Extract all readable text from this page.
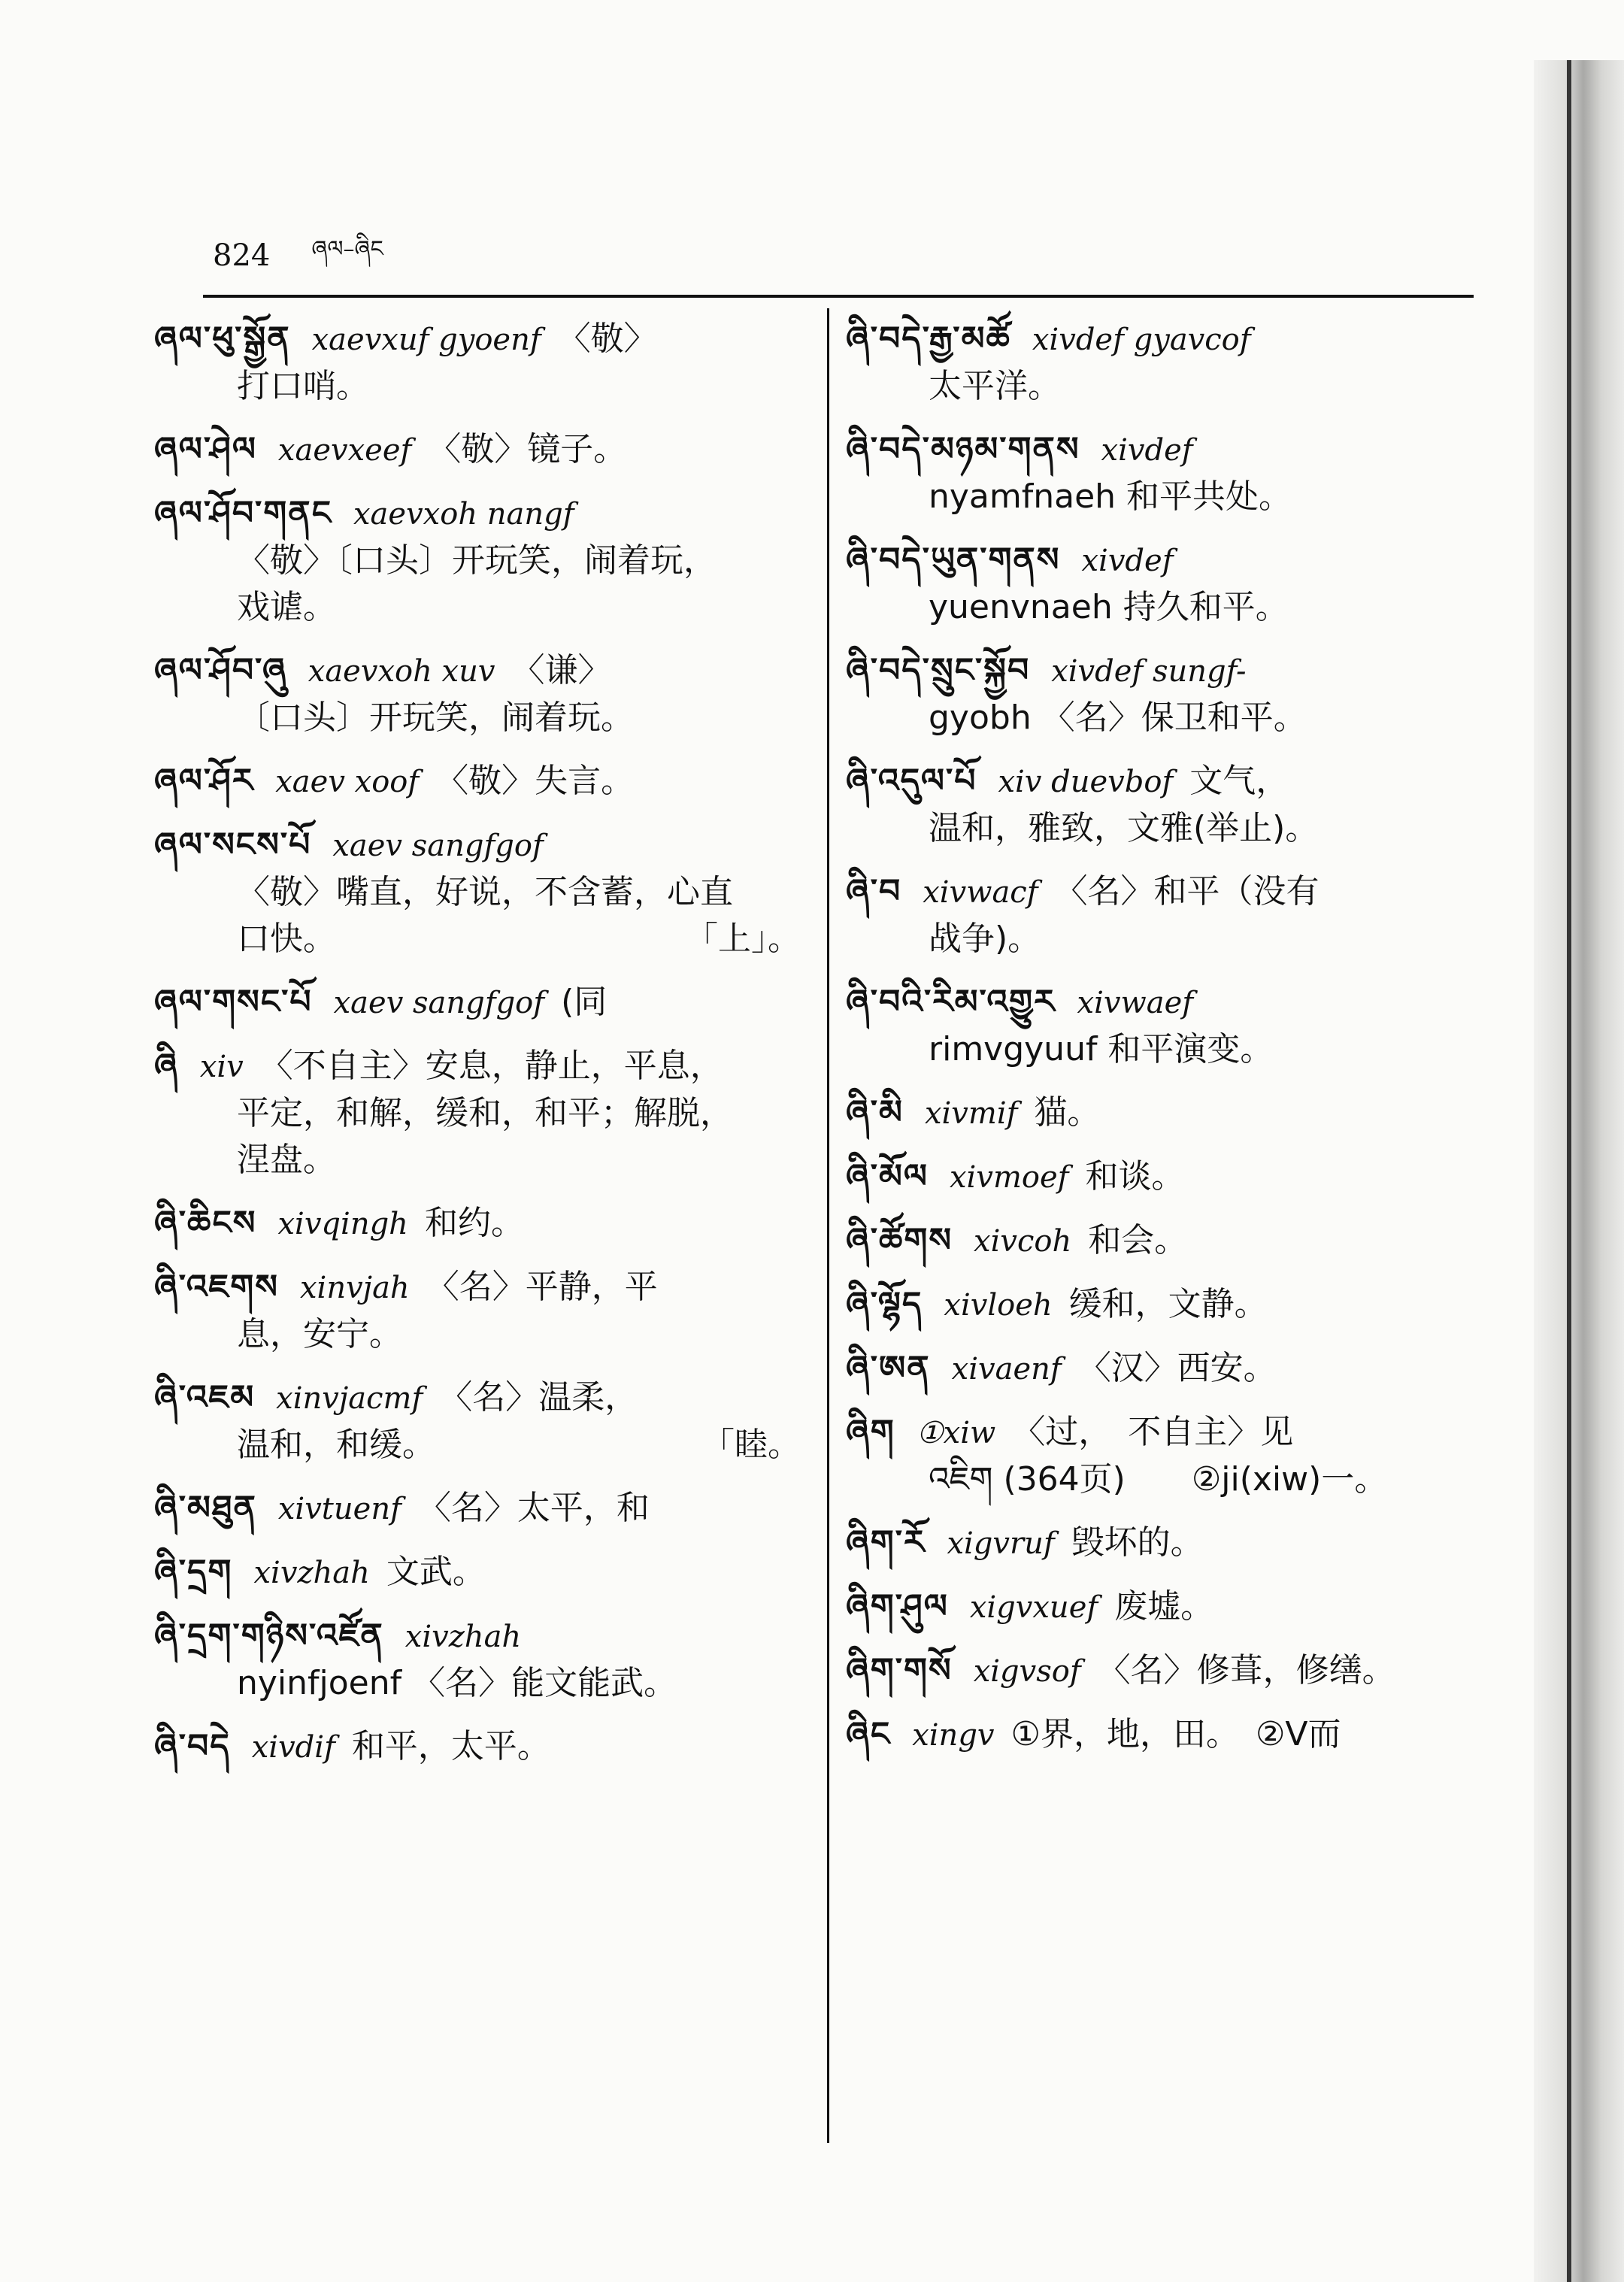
824 ཞལ–ཞིང
ཞལ་ཕུ་སྒྱོན xaevxuf gyoenf 〈敬〉
打口哨。
ཞལ་ཤེལ xaevxeef 〈敬〉镜子。
ཞལ་ཤོབ་གནང xaevxoh nangf
〈敬〉〔口头〕开玩笑，闹着玩，
戏谑。
ཞལ་ཤོབ་ཞུ xaevxoh xuv 〈谦〉
〔口头〕开玩笑，闹着玩。
ཞལ་ཤོར xaev xoof 〈敬〉失言。
ཞལ་སངས་པོ xaev sangfgof
〈敬〉嘴直，好说，不含蓄，心直
口快。	「上」。
ཞལ་གསང་པོ xaev sangfgof (同
ཞི xiv 〈不自主〉安息，静止，平息，
平定，和解，缓和，和平；解脱，
涅盘。
ཞི་ཆིངས xivqingh 和约。
ཞི་འཇགས xinvjah 〈名〉平静，平
息，安宁。
ཞི་འཇམ xinvjacmf 〈名〉温柔，
温和，和缓。	「睦。
ཞི་མཐུན xivtuenf 〈名〉太平，和
ཞི་དྲག xivzhah 文武。
ཞི་དྲག་གཉིས་འཛོན xivzhah
nyinfjoenf 〈名〉能文能武。
ཞི་བདེ xivdif 和平，太平。
ཞི་བདེ་རྒྱ་མཚོ xivdef gyavcof
太平洋。
ཞི་བདེ་མཉམ་གནས xivdef
nyamfnaeh 和平共处。
ཞི་བདེ་ཡུན་གནས xivdef
yuenvnaeh 持久和平。
ཞི་བདེ་སྲུང་སྐྱོབ xivdef sungf-
gyobh 〈名〉保卫和平。
ཞི་འདུལ་པོ xiv duevbof 文气，
温和，雅致，文雅(举止)。
ཞི་བ xivwacf 〈名〉和平（没有
战争)。
ཞི་བའི་རིམ་འགྱུར xivwaef
rimvgyuuf 和平演变。
ཞི་མི xivmif 猫。
ཞི་མོལ xivmoef 和谈。
ཞི་ཚོགས xivcoh 和会。
ཞི་ལྷོད xivloeh 缓和，文静。
ཞི་ཨན xivaenf 〈汉〉西安。
ཞིག ①xiw 〈过，　不自主〉见
འཇིག (364页)　　②ji(xiw)一。
ཞིག་རོ xigvruf 毁坏的。
ཞིག་ཤུལ xigvxuef 废墟。
ཞིག་གསོ xigvsof 〈名〉修葺，修缮。
ཞིང xingv ①界，地，田。　②V而
